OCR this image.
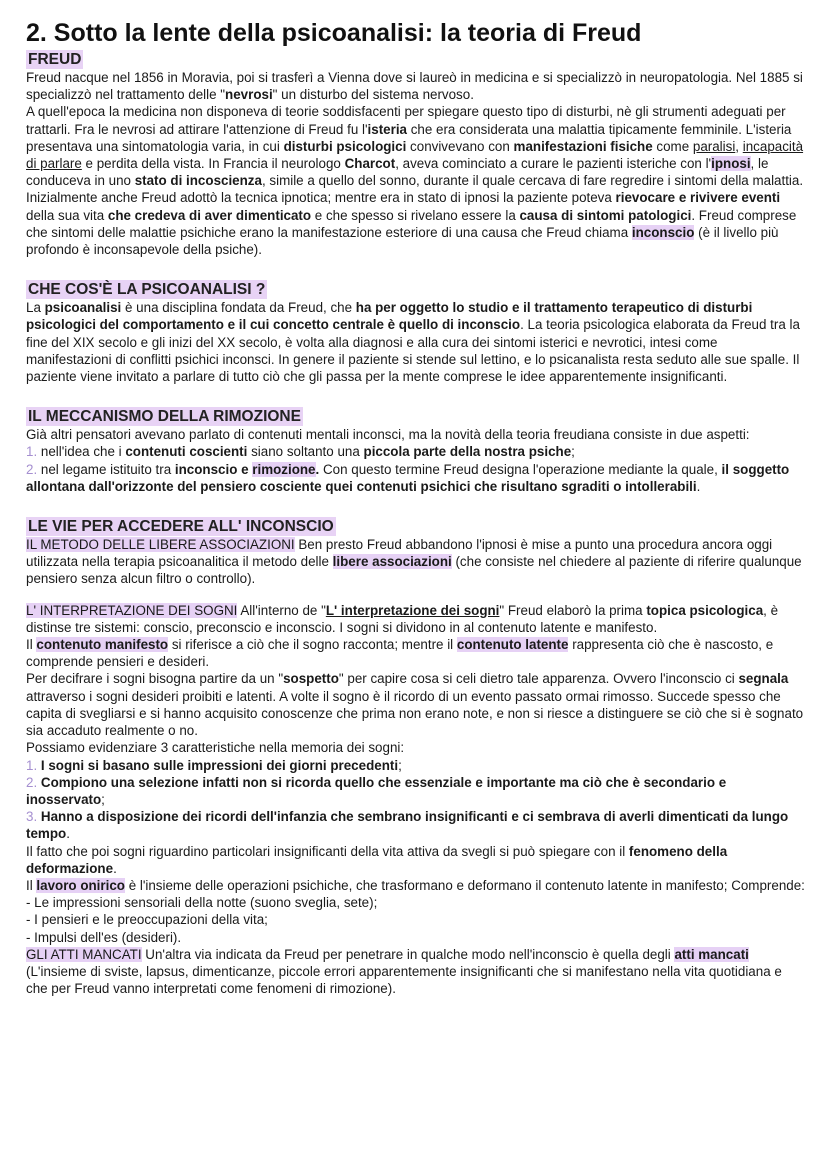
2. Sotto la lente della psicoanalisi: la teoria di Freud
FREUD

Freud nacque nel 1856 in Moravia, poi si trasferì a Vienna dove si laureò in medicina e si specializzò in neuropatologia. Nel 1885 si specializzò nel trattamento delle "nevrosi" un disturbo del sistema nervoso.

A quell'epoca la medicina non disponeva di teorie soddisfacenti per spiegare questo tipo di disturbi, nè gli strumenti adeguati per trattarli. Fra le nevrosi ad attirare l'attenzione di Freud fu l'isteria che era considerata una malattia tipicamente femminile. L'isteria presentava una sintomatologia varia, in cui disturbi psicologici convivevano con manifestazioni fisiche come paralisi, incapacità di parlare e perdita della vista. In Francia il neurologo Charcot, aveva cominciato a curare le pazienti isteriche con l'ipnosi, le conduceva in uno stato di incoscienza, simile a quello del sonno, durante il quale cercava di fare regredire i sintomi della malattia. Inizialmente anche Freud adottò la tecnica ipnotica; mentre era in stato di ipnosi la paziente poteva rievocare e rivivere eventi della sua vita che credeva di aver dimenticato e che spesso si rivelano essere la causa di sintomi patologici. Freud comprese che sintomi delle malattie psichiche erano la manifestazione esteriore di una causa che Freud chiama inconscio (è il livello più profondo è inconsapevole della psiche).

CHE COS'È LA PSICOANALISI ?

La psicoanalisi è una disciplina fondata da Freud, che ha per oggetto lo studio e il trattamento terapeutico di disturbi psicologici del comportamento e il cui concetto centrale è quello di inconscio. La teoria psicologica elaborata da Freud tra la fine del XIX secolo e gli inizi del XX secolo, è volta alla diagnosi e alla cura dei sintomi isterici e nevrotici, intesi come manifestazioni di conflitti psichici inconsci. In genere il paziente si stende sul lettino, e lo psicanalista resta seduto alle sue spalle. Il paziente viene invitato a parlare di tutto ciò che gli passa per la mente comprese le idee apparentemente insignificanti.

IL MECCANISMO DELLA RIMOZIONE

Già altri pensatori avevano parlato di contenuti mentali inconsci, ma la novità della teoria freudiana consiste in due aspetti:

1. nell'idea che i contenuti coscienti siano soltanto una piccola parte della nostra psiche;

2. nel legame istituito tra inconscio e rimozione. Con questo termine Freud designa l'operazione mediante la quale, il soggetto allontana dall'orizzonte del pensiero cosciente quei contenuti psichici che risultano sgraditi o intollerabili.

LE VIE PER ACCEDERE ALL' INCONSCIO

IL METODO DELLE LIBERE ASSOCIAZIONI Ben presto Freud abbandono l'ipnosi è mise a punto una procedura ancora oggi utilizzata nella terapia psicoanalitica il metodo delle libere associazioni (che consiste nel chiedere al paziente di riferire qualunque pensiero senza alcun filtro o controllo).

L' INTERPRETAZIONE DEI SOGNI All'interno de "L' interpretazione dei sogni" Freud elaborò la prima topica psicologica, è distinse tre sistemi: conscio, preconscio e inconscio. I sogni si dividono in al contenuto latente e manifesto.

Il contenuto manifesto si riferisce a ciò che il sogno racconta; mentre il contenuto latente rappresenta ciò che è nascosto, e comprende pensieri e desideri.

Per decifrare i sogni bisogna partire da un "sospetto" per capire cosa si celi dietro tale apparenza. Ovvero l'inconscio ci segnala attraverso i sogni desideri proibiti e latenti. A volte il sogno è il ricordo di un evento passato ormai rimosso. Succede spesso che capita di svegliarsi e si hanno acquisito conoscenze che prima non erano note, e non si riesce a distinguere se ciò che si è sognato sia accaduto realmente o no.

Possiamo evidenziare 3 caratteristiche nella memoria dei sogni:

1. I sogni si basano sulle impressioni dei giorni precedenti;

2. Compiono una selezione infatti non si ricorda quello che essenziale e importante ma ciò che è secondario e inosservato;

3. Hanno a disposizione dei ricordi dell'infanzia che sembrano insignificanti e ci sembrava di averli dimenticati da lungo tempo.

Il fatto che poi sogni riguardino particolari insignificanti della vita attiva da svegli si può spiegare con il fenomeno della deformazione.

Il lavoro onirico è l'insieme delle operazioni psichiche, che trasformano e deformano il contenuto latente in manifesto; Comprende:

- Le impressioni sensoriali della notte (suono sveglia, sete);

- I pensieri e le preoccupazioni della vita;

- Impulsi dell'es (desideri).

GLI ATTI MANCATI Un'altra via indicata da Freud per penetrare in qualche modo nell'inconscio è quella degli atti mancati (L'insieme di sviste, lapsus, dimenticanze, piccole errori apparentemente insignificanti che si manifestano nella vita quotidiana e che per Freud vanno interpretati come fenomeni di rimozione).
